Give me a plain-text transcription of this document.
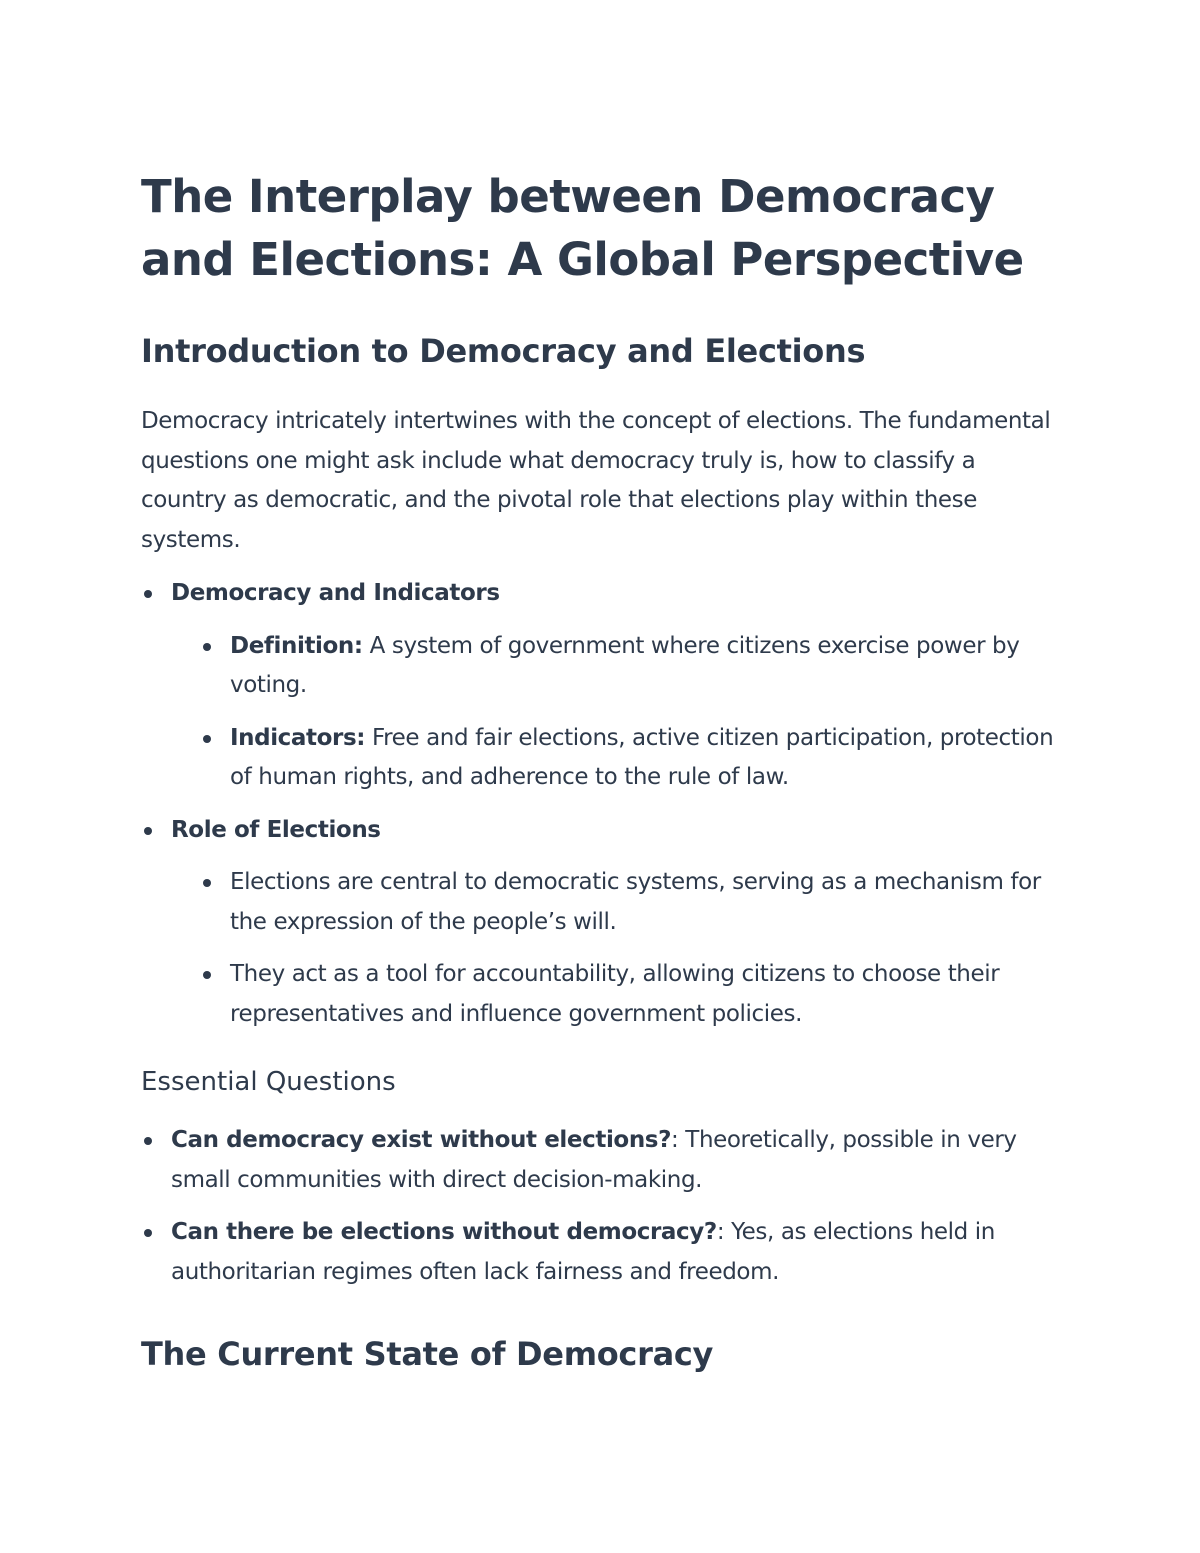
The Interplay between Democracy and Elections: A Global Perspective
Introduction to Democracy and Elections

Democracy intricately intertwines with the concept of elections. The fundamental questions one might ask include what democracy truly is, how to classify a country as democratic, and the pivotal role that elections play within these systems.

Democracy and Indicators
Definition: A system of government where citizens exercise power by voting.
Indicators: Free and fair elections, active citizen participation, protection of human rights, and adherence to the rule of law.
Role of Elections
Elections are central to democratic systems, serving as a mechanism for the expression of the people’s will.
They act as a tool for accountability, allowing citizens to choose their representatives and influence government policies.
Essential Questions
Can democracy exist without elections?: Theoretically, possible in very small communities with direct decision-making.
Can there be elections without democracy?: Yes, as elections held in authoritarian regimes often lack fairness and freedom.
The Current State of Democracy
